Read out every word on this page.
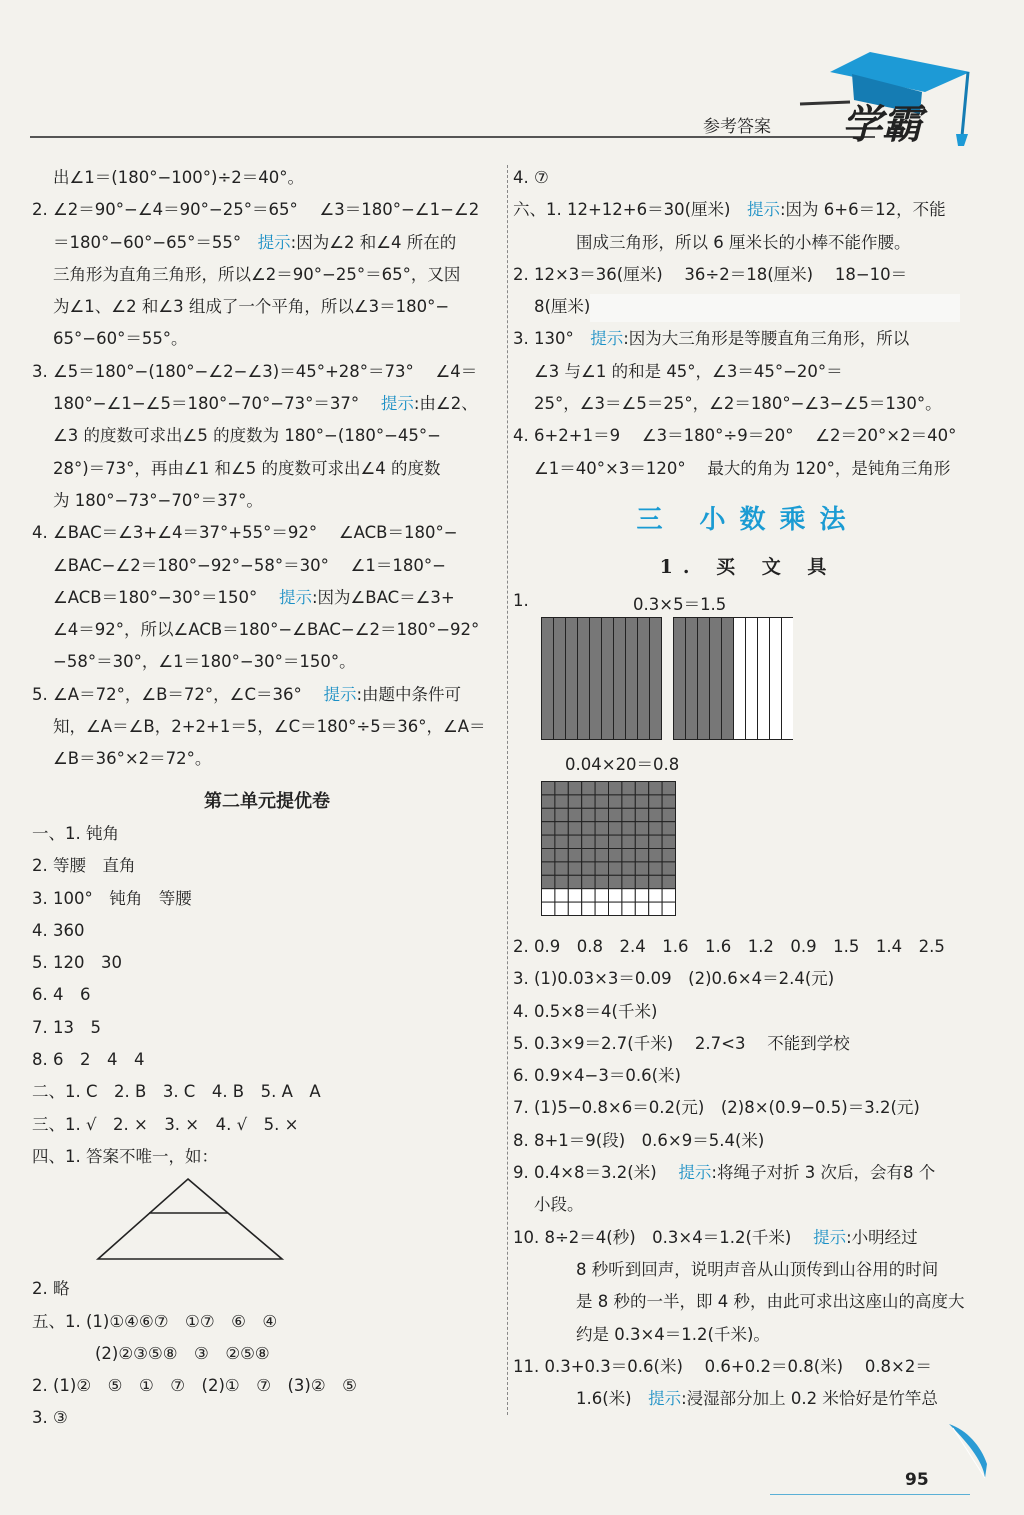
参考答案 学霸
出∠1＝(180°−100°)÷2＝40°。
2. ∠2＝90°−∠4＝90°−25°＝65°　 ∠3＝180°−∠1−∠2
＝180°−60°−65°＝55°　提示:因为∠2 和∠4 所在的
三角形为直角三角形，所以∠2＝90°−25°＝65°，又因
为∠1、∠2 和∠3 组成了一个平角，所以∠3＝180°−
65°−60°＝55°。
3. ∠5＝180°−(180°−∠2−∠3)＝45°+28°＝73°　 ∠4＝
180°−∠1−∠5＝180°−70°−73°＝37°　 提示:由∠2、
∠3 的度数可求出∠5 的度数为 180°−(180°−45°−
28°)＝73°，再由∠1 和∠5 的度数可求出∠4 的度数
为 180°−73°−70°＝37°。
4. ∠BAC＝∠3+∠4＝37°+55°＝92°　 ∠ACB＝180°−
∠BAC−∠2＝180°−92°−58°＝30°　 ∠1＝180°−
∠ACB＝180°−30°＝150°　 提示:因为∠BAC＝∠3+
∠4＝92°，所以∠ACB＝180°−∠BAC−∠2＝180°−92°
−58°＝30°，∠1＝180°−30°＝150°。
5. ∠A＝72°，∠B＝72°，∠C＝36°　 提示:由题中条件可
知，∠A＝∠B，2+2+1＝5，∠C＝180°÷5＝36°，∠A＝
∠B＝36°×2＝72°。
第二单元提优卷
一、1. 钝角
2. 等腰　直角
3. 100°　钝角　等腰
4. 360
5. 120　30
6. 4　6
7. 13　5
8. 6　2　4　4
二、1. C　2. B　3. C　4. B　5. A　A
三、1. √　2. ×　3. ×　4. √　5. ×
四、1. 答案不唯一，如：
2. 略
五、1. (1)①④⑥⑦　①⑦　⑥　④
(2)②③⑤⑧　③　②⑤⑧
2. (1)②　⑤　①　⑦　(2)①　⑦　(3)②　⑤
3. ③
4. ⑦
六、1. 12+12+6＝30(厘米)　提示:因为 6+6＝12，不能
围成三角形，所以 6 厘米长的小棒不能作腰。
2. 12×3＝36(厘米)　 36÷2＝18(厘米)　 18−10＝
8(厘米)
3. 130°　提示:因为大三角形是等腰直角三角形，所以
∠3 与∠1 的和是 45°，∠3＝45°−20°＝
25°，∠3＝∠5＝25°，∠2＝180°−∠3−∠5＝130°。
4. 6+2+1＝9　 ∠3＝180°÷9＝20°　 ∠2＝20°×2＝40°
∠1＝40°×3＝120°　 最大的角为 120°，是钝角三角形
三 小数乘法
1. 买 文 具
1.	0.3×5＝1.5
0.04×20＝0.8
2. 0.9　0.8　2.4　1.6　1.6　1.2　0.9　1.5　1.4　2.5
3. (1)0.03×3＝0.09　(2)0.6×4＝2.4(元)
4. 0.5×8＝4(千米)
5. 0.3×9＝2.7(千米)　 2.7<3　 不能到学校
6. 0.9×4−3＝0.6(米)
7. (1)5−0.8×6＝0.2(元)　(2)8×(0.9−0.5)＝3.2(元)
8. 8+1＝9(段)　0.6×9＝5.4(米)
9. 0.4×8＝3.2(米)　 提示:将绳子对折 3 次后，会有8 个
小段。
10. 8÷2＝4(秒)　0.3×4＝1.2(千米)　 提示:小明经过
8 秒听到回声，说明声音从山顶传到山谷用的时间
是 8 秒的一半，即 4 秒，由此可求出这座山的高度大
约是 0.3×4＝1.2(千米)。
11. 0.3+0.3＝0.6(米)　 0.6+0.2＝0.8(米)　 0.8×2＝
1.6(米)　提示:浸湿部分加上 0.2 米恰好是竹竿总
95
